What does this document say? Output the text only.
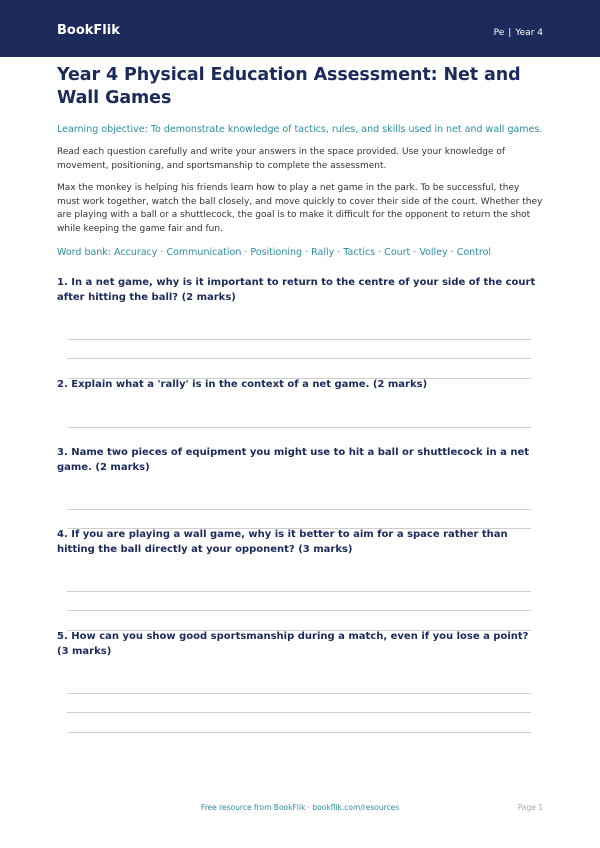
BookFlik	Pe | Year 4
Year 4 Physical Education Assessment: Net and Wall Games
Learning objective: To demonstrate knowledge of tactics, rules, and skills used in net and wall games.
Read each question carefully and write your answers in the space provided. Use your knowledge of movement, positioning, and sportsmanship to complete the assessment.
Max the monkey is helping his friends learn how to play a net game in the park. To be successful, they must work together, watch the ball closely, and move quickly to cover their side of the court. Whether they are playing with a ball or a shuttlecock, the goal is to make it difficult for the opponent to return the shot while keeping the game fair and fun.
Word bank: Accuracy · Communication · Positioning · Rally · Tactics · Court · Volley · Control
1. In a net game, why is it important to return to the centre of your side of the court after hitting the ball? (2 marks)
2. Explain what a 'rally' is in the context of a net game. (2 marks)
3. Name two pieces of equipment you might use to hit a ball or shuttlecock in a net game. (2 marks)
4. If you are playing a wall game, why is it better to aim for a space rather than hitting the ball directly at your opponent? (3 marks)
5. How can you show good sportsmanship during a match, even if you lose a point? (3 marks)
Free resource from BookFlik · bookflik.com/resources	Page 1
